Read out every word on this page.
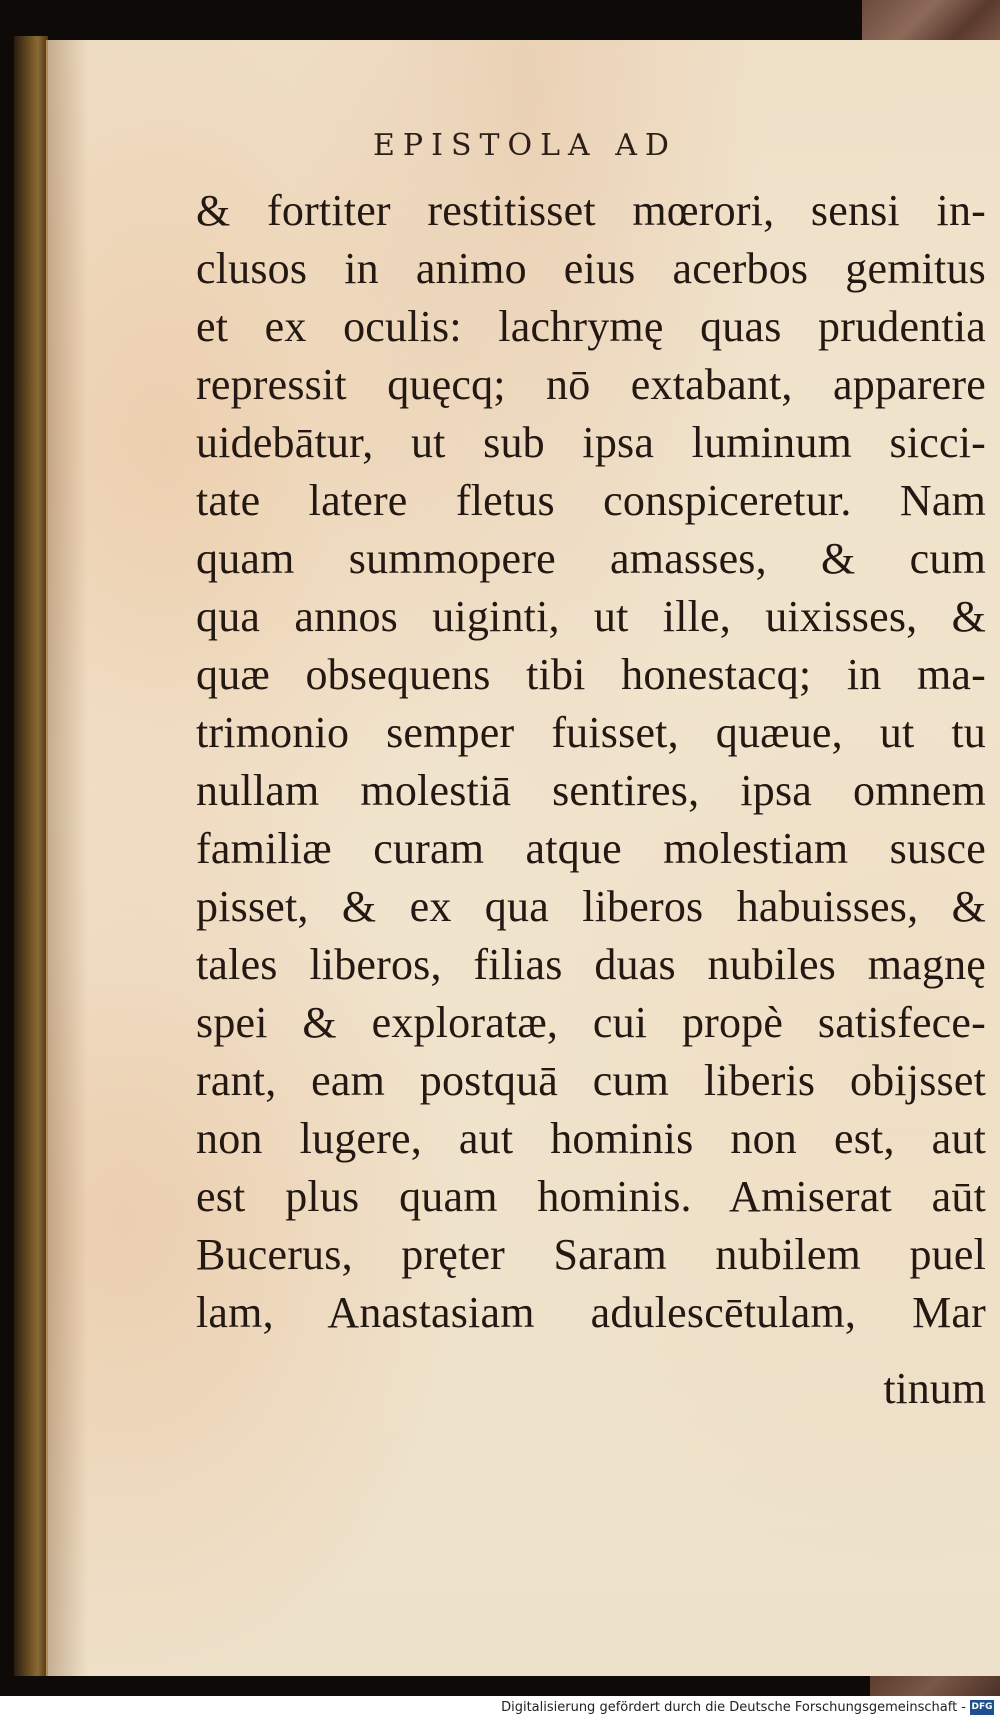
EPISTOLA AD
& fortiter restitisset mœrori, sensi in-
clusos in animo eius acerbos gemitus
et ex oculis: lachrymę quas prudentia
repressit quęcq; nō extabant, apparere
uidebātur, ut sub ipsa luminum sicci-
tate latere fletus conspiceretur. Nam
quam summopere amasses, & cum
qua annos uiginti, ut ille, uixisses, &
quæ obsequens tibi honestacq; in ma-
trimonio semper fuisset, quæue, ut tu
nullam molestiā sentires, ipsa omnem
familiæ curam atque molestiam susce
pisset, & ex qua liberos habuisses, &
tales liberos, filias duas nubiles magnę
spei & exploratæ, cui propè satisfece-
rant, eam postquā cum liberis obijsset
non lugere, aut hominis non est, aut
est plus quam hominis. Amiserat aūt
Bucerus, pręter Saram nubilem puel
lam, Anastasiam adulescētulam, Mar
tinum
Digitalisierung gefördert durch die Deutsche Forschungsgemeinschaft - DFG
